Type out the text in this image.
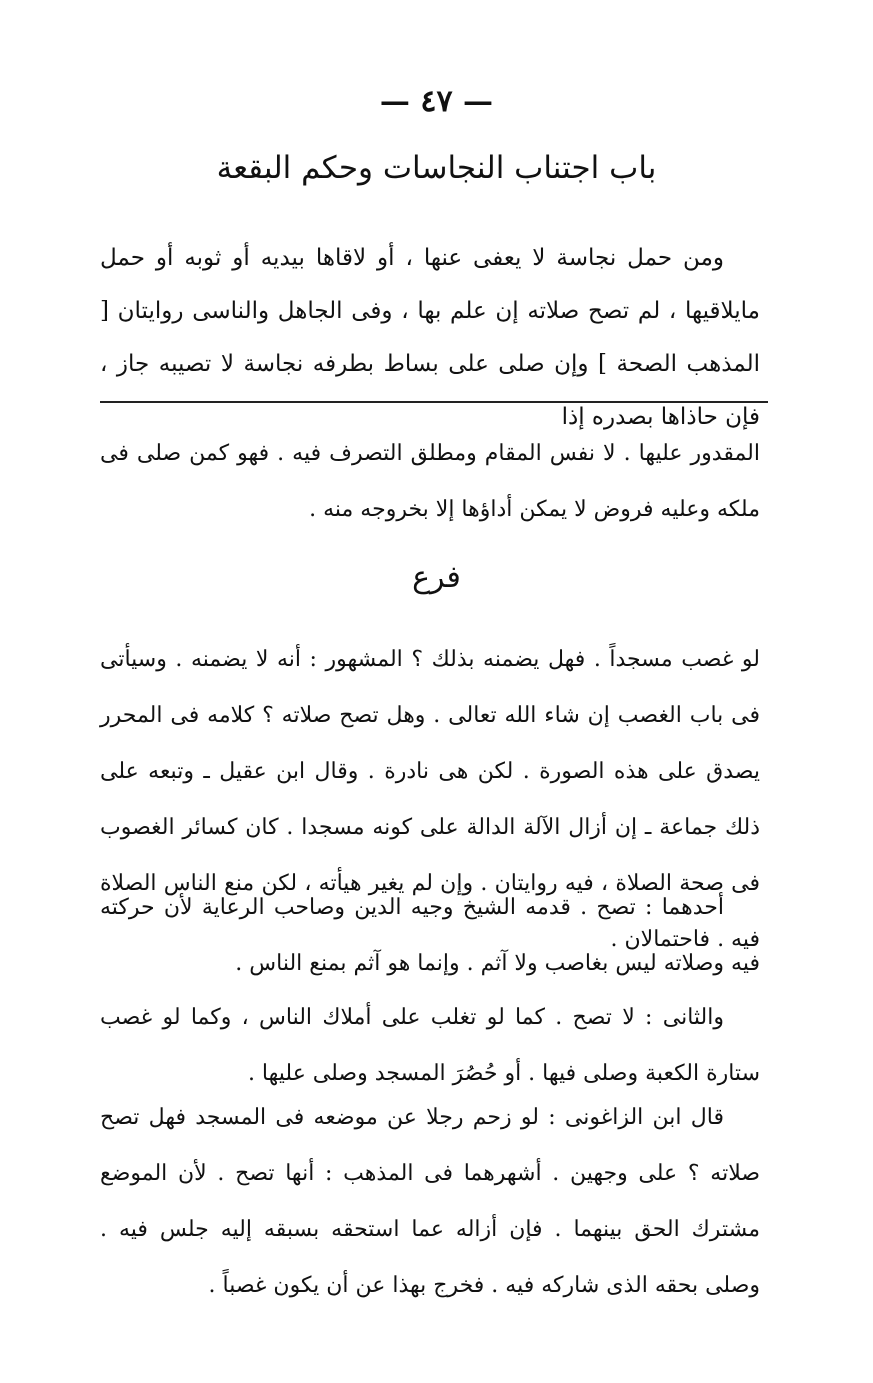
— ٤٧ —
باب اجتناب النجاسات وحكم البقعة
ومن حمل نجاسة لا يعفى عنها ، أو لاقاها بيديه أو ثوبه أو حمل مايلاقيها ، لم تصح صلاته إن علم بها ، وفى الجاهل والناسى روايتان [ المذهب الصحة ] وإن صلى على بساط بطرفه نجاسة لا تصيبه جاز ، فإن حاذاها بصدره إذا
المقدور عليها . لا نفس المقام ومطلق التصرف فيه . فهو كمن صلى فى ملكه وعليه فروض لا يمكن أداؤها إلا بخروجه منه .
فرع
لو غصب مسجداً . فهل يضمنه بذلك ؟ المشهور : أنه لا يضمنه . وسيأتى فى باب الغصب إن شاء الله تعالى . وهل تصح صلاته ؟ كلامه فى المحرر يصدق على هذه الصورة . لكن هى نادرة . وقال ابن عقيل ـ وتبعه على ذلك جماعة ـ إن أزال الآلة الدالة على كونه مسجدا . كان كسائر الغصوب فى صحة الصلاة ، فيه روايتان . وإن لم يغير هيأته ، لكن منع الناس الصلاة فيه . فاحتمالان .
أحدهما : تصح . قدمه الشيخ وجيه الدين وصاحب الرعاية لأن حركته فيه وصلاته ليس بغاصب ولا آثم . وإنما هو آثم بمنع الناس .
والثانى : لا تصح . كما لو تغلب على أملاك الناس ، وكما لو غصب ستارة الكعبة وصلى فيها . أو حُصُرَ المسجد وصلى عليها .
قال ابن الزاغونى : لو زحم رجلا عن موضعه فى المسجد فهل تصح صلاته ؟ على وجهين . أشهرهما فى المذهب : أنها تصح . لأن الموضع مشترك الحق بينهما . فإن أزاله عما استحقه بسبقه إليه جلس فيه . وصلى بحقه الذى شاركه فيه . فخرج بهذا عن أن يكون غصباً .
